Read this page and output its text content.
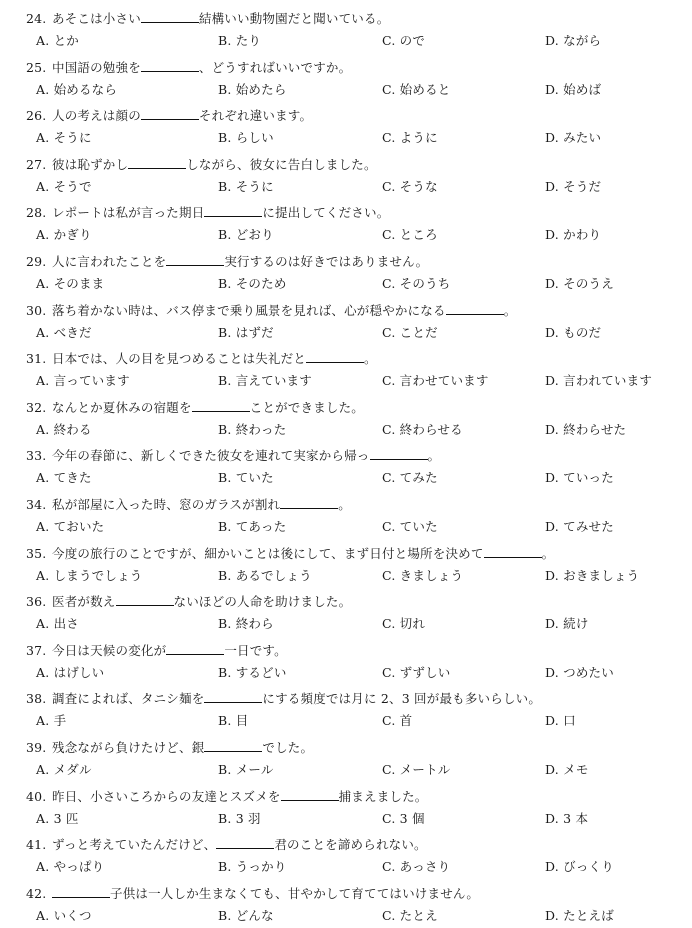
24. あそこは小さい	結構いい動物園だと聞いている。
A. とか	B. たり	C. ので	D. ながら
25. 中国語の勉強を	、どうすればいいですか。
A. 始めるなら	B. 始めたら	C. 始めると	D. 始めば
26. 人の考えは顔の	それぞれ違います。
A. そうに	B. らしい	C. ように	D. みたい
27. 彼は恥ずかし	しながら、彼女に告白しました。
A. そうで	B. そうに	C. そうな	D. そうだ
28. レポートは私が言った期日	に提出してください。
A. かぎり	B. どおり	C. ところ	D. かわり
29. 人に言われたことを	実行するのは好きではありません。
A. そのまま	B. そのため	C. そのうち	D. そのうえ
30. 落ち着かない時は、バス停まで乗り風景を見れば、心が穏やかになる	。
A. べきだ	B. はずだ	C. ことだ	D. ものだ
31. 日本では、人の目を見つめることは失礼だと	。
A. 言っています	B. 言えています	C. 言わせています	D. 言われています
32. なんとか夏休みの宿題を	ことができました。
A. 終わる	B. 終わった	C. 終わらせる	D. 終わらせた
33. 今年の春節に、新しくできた彼女を連れて実家から帰っ	。
A. てきた	B. ていた	C. てみた	D. ていった
34. 私が部屋に入った時、窓のガラスが割れ	。
A. ておいた	B. てあった	C. ていた	D. てみせた
35. 今度の旅行のことですが、細かいことは後にして、まず日付と場所を決めて	。
A. しまうでしょう	B. あるでしょう	C. きましょう	D. おきましょう
36. 医者が数え	ないほどの人命を助けました。
A. 出さ	B. 終わら	C. 切れ	D. 続け
37. 今日は天候の変化が	一日です。
A. はげしい	B. するどい	C. ずずしい	D. つめたい
38. 調査によれば、タニシ麺を	にする頻度では月に 2、3 回が最も多いらしい。
A. 手	B. 目	C. 首	D. 口
39. 残念ながら負けたけど、銀	でした。
A. メダル	B. メール	C. メートル	D. メモ
40. 昨日、小さいころからの友達とスズメを	捕まえました。
A. 3 匹	B. 3 羽	C. 3 個	D. 3 本
41. ずっと考えていたんだけど、	君のことを諦められない。
A. やっぱり	B. うっかり	C. あっさり	D. びっくり
42.	子供は一人しか生まなくても、甘やかして育ててはいけません。
A. いくつ	B. どんな	C. たとえ	D. たとえば
